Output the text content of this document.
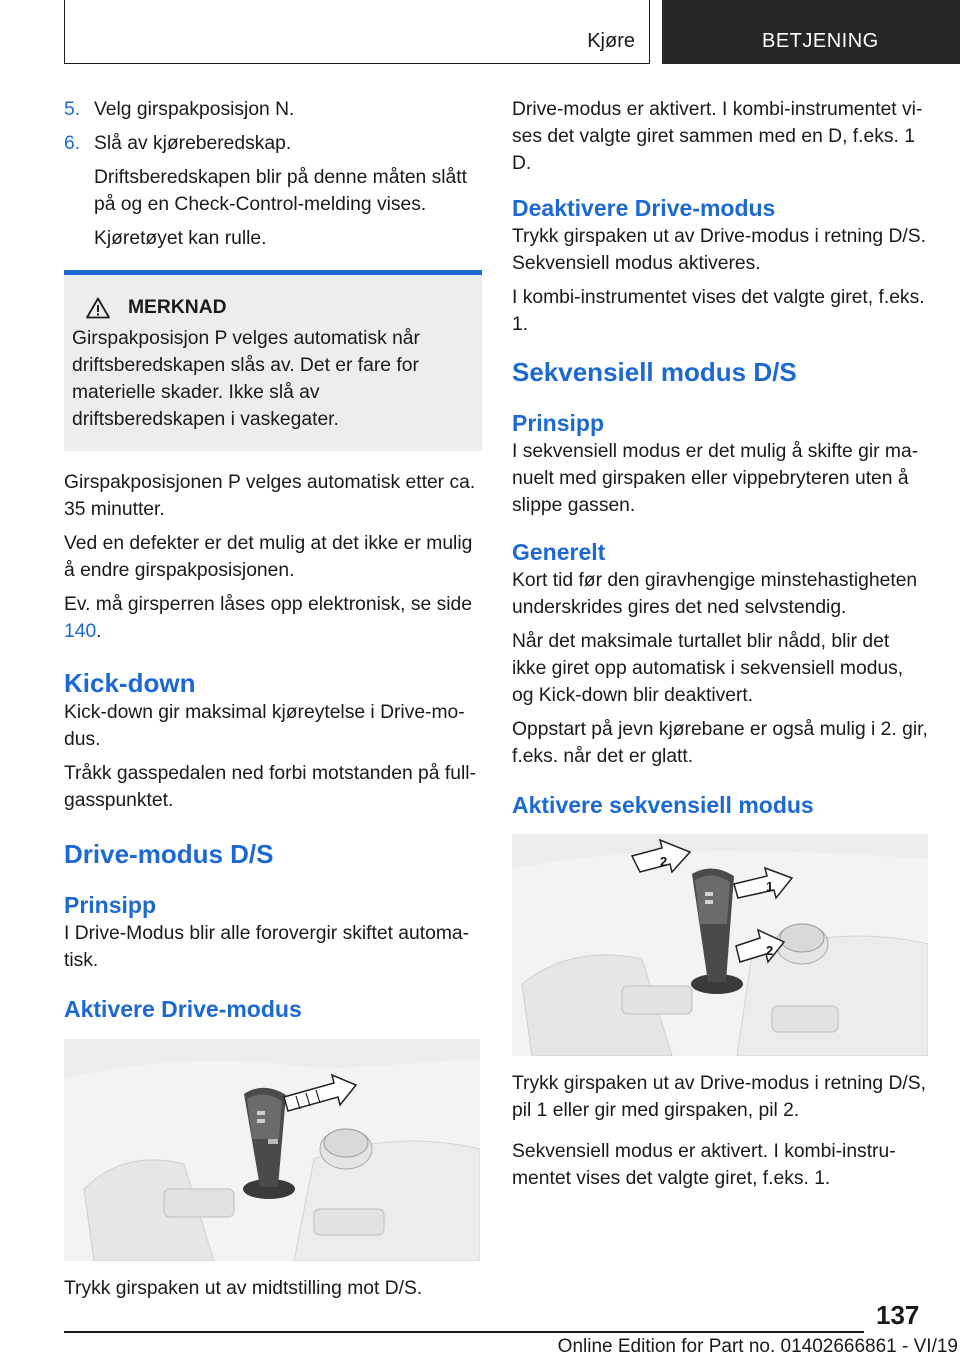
Kjøre	BETJENING
5. Velg girspakposisjon N.
6. Slå av kjøreberedskap.

Driftsberedskapen blir på denne måten slått på og en Check-Control-melding vises.

Kjøretøyet kan rulle.

MERKNAD

Girspakposisjon P velges automatisk når driftsberedskapen slås av. Det er fare for materielle skader. Ikke slå av driftsberedskapen i vaskegater.

Girspakposisjonen P velges automatisk etter ca. 35 minutter.

Ved en defekter er det mulig at det ikke er mulig å endre girspakposisjonen.

Ev. må girsperren låses opp elektronisk, se side 140.

Kick-down

Kick-down gir maksimal kjøreytelse i Drive-modus.

Tråkk gasspedalen ned forbi motstanden på fullgasspunktet.

Drive-modus D/S
Prinsipp

I Drive-Modus blir alle forovergir skiftet automatisk.

Aktivere Drive-modus

Trykk girspaken ut av midtstilling mot D/S.

Drive-modus er aktivert. I kombi-instrumentet vises det valgte giret sammen med en D, f.eks. 1 D.

Deaktivere Drive-modus

Trykk girspaken ut av Drive-modus i retning D/S. Sekvensiell modus aktiveres.

I kombi-instrumentet vises det valgte giret, f.eks. 1.

Sekvensiell modus D/S
Prinsipp

I sekvensiell modus er det mulig å skifte gir manuelt med girspaken eller vippebryteren uten å slippe gassen.

Generelt

Kort tid før den giravhengige minstehastigheten underskrides gires det ned selvstendig.

Når det maksimale turtallet blir nådd, blir det ikke giret opp automatisk i sekvensiell modus, og Kick-down blir deaktivert.

Oppstart på jevn kjørebane er også mulig i 2. gir, f.eks. når det er glatt.

Aktivere sekvensiell modus
2
1
2

Trykk girspaken ut av Drive-modus i retning D/S, pil 1 eller gir med girspaken, pil 2.

Sekvensiell modus er aktivert. I kombi-instrumentet vises det valgte giret, f.eks. 1.

137
Online Edition for Part no. 01402666861 - VI/19
